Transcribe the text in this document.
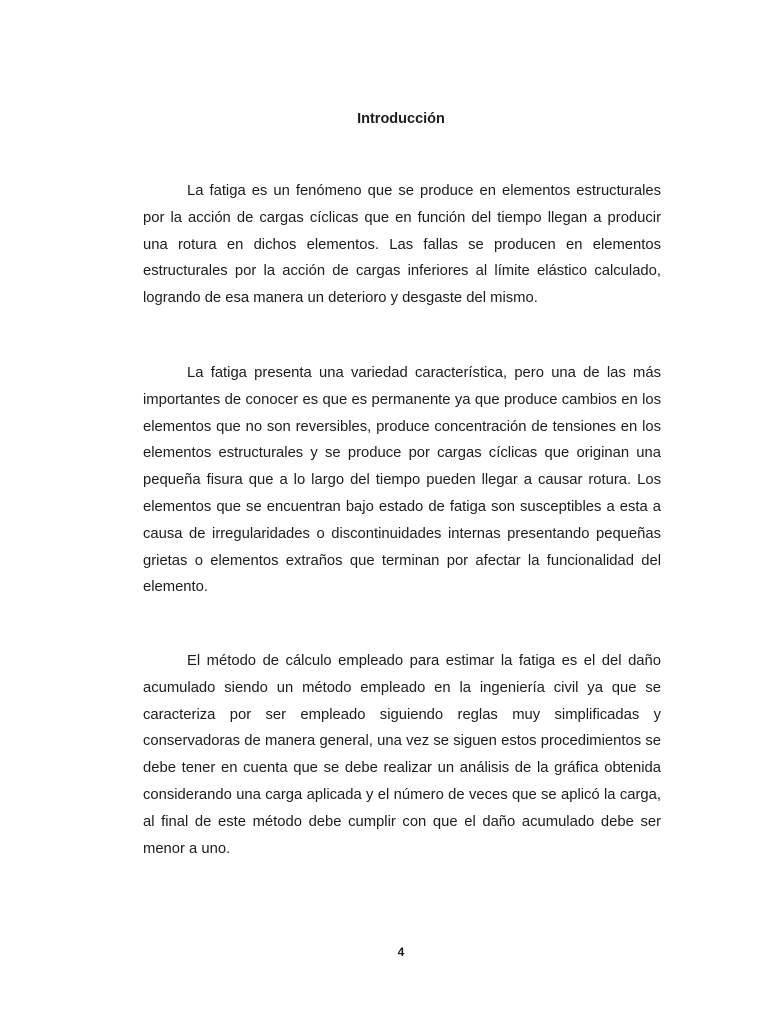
Introducción

La fatiga es un fenómeno que se produce en elementos estructurales por la acción de cargas cíclicas que en función del tiempo llegan a producir una rotura en dichos elementos. Las fallas se producen en elementos estructurales por la acción de cargas inferiores al límite elástico calculado, logrando de esa manera un deterioro y desgaste del mismo.

La fatiga presenta una variedad característica, pero una de las más importantes de conocer es que es permanente ya que produce cambios en los elementos que no son reversibles, produce concentración de tensiones en los elementos estructurales y se produce por cargas cíclicas que originan una pequeña fisura que a lo largo del tiempo pueden llegar a causar rotura. Los elementos que se encuentran bajo estado de fatiga son susceptibles a esta a causa de irregularidades o discontinuidades internas presentando pequeñas grietas o elementos extraños que terminan por afectar la funcionalidad del elemento.

El método de cálculo empleado para estimar la fatiga es el del daño acumulado siendo un método empleado en la ingeniería civil ya que se caracteriza por ser empleado siguiendo reglas muy simplificadas y conservadoras de manera general, una vez se siguen estos procedimientos se debe tener en cuenta que se debe realizar un análisis de la gráfica obtenida considerando una carga aplicada y el número de veces que se aplicó la carga, al final de este método debe cumplir con que el daño acumulado debe ser menor a uno.

4
